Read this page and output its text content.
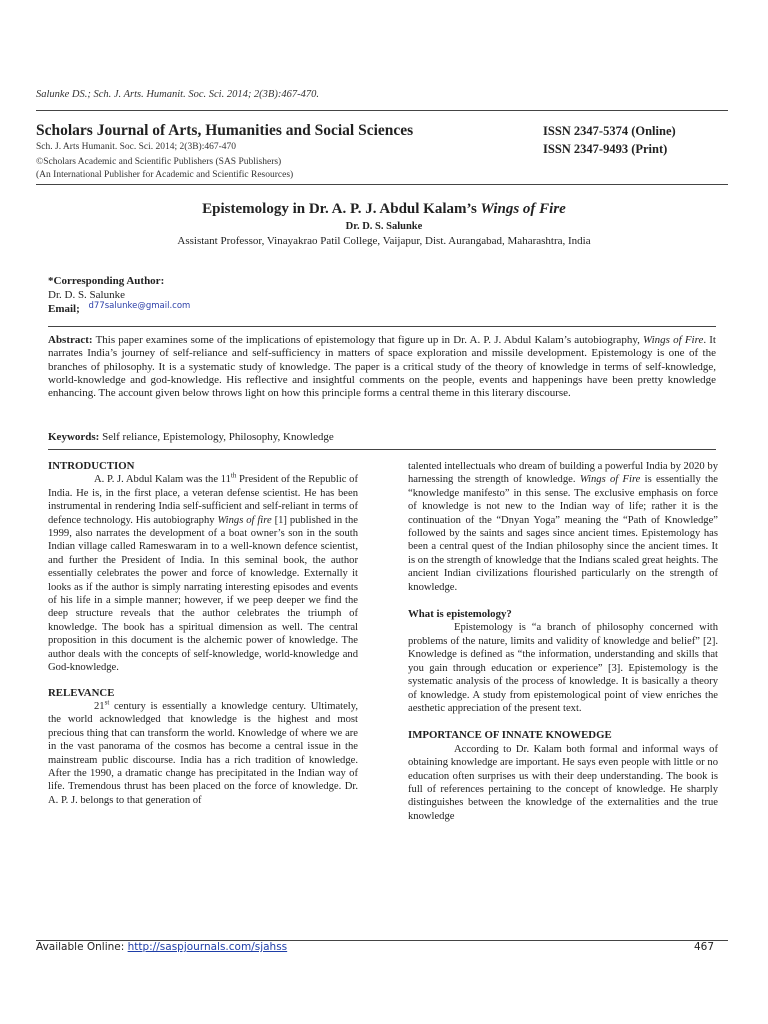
Salunke DS.; Sch. J. Arts. Humanit. Soc. Sci. 2014; 2(3B):467-470.
Scholars Journal of Arts, Humanities and Social Sciences
Sch. J. Arts Humanit. Soc. Sci. 2014; 2(3B):467-470
©Scholars Academic and Scientific Publishers (SAS Publishers)
(An International Publisher for Academic and Scientific Resources)
ISSN 2347-5374 (Online)
ISSN 2347-9493 (Print)
Epistemology in Dr. A. P. J. Abdul Kalam’s Wings of Fire
Dr. D. S. Salunke
Assistant Professor, Vinayakrao Patil College, Vaijapur, Dist. Aurangabad, Maharashtra, India
*Corresponding Author:
Dr. D. S. Salunke
Email; $^{d77salunke@gmail.com}$
Abstract: This paper examines some of the implications of epistemology that figure up in Dr. A. P. J. Abdul Kalam’s autobiography, Wings of Fire. It narrates India’s journey of self-reliance and self-sufficiency in matters of space exploration and missile development. Epistemology is one of the branches of philosophy. It is a systematic study of knowledge. The paper is a critical study of the theory of knowledge in terms of self-knowledge, world-knowledge and god-knowledge. His reflective and insightful comments on the people, events and happenings have been pretty knowledge enhancing. The account given below throws light on how this principle forms a central theme in this literary discourse.
Keywords: Self reliance, Epistemology, Philosophy, Knowledge
INTRODUCTION

A. P. J. Abdul Kalam was the 11th President of the Republic of India. He is, in the first place, a veteran defense scientist. He has been instrumental in rendering India self-sufficient and self-reliant in terms of defence technology. His autobiography Wings of fire [1] published in the 1999, also narrates the development of a boat owner’s son in the south Indian village called Rameswaram in to a well-known defence scientist, and further the President of India. In this seminal book, the author essentially celebrates the power and force of knowledge. Externally it looks as if the author is simply narrating interesting episodes and events of his life in a simple manner; however, if we peep deeper we find the deep structure reveals that the author celebrates the triumph of knowledge. The book has a spiritual dimension as well. The central proposition in this document is the alchemic power of knowledge. The author deals with the concepts of self-knowledge, world-knowledge and God-knowledge.

RELEVANCE

21st century is essentially a knowledge century. Ultimately, the world acknowledged that knowledge is the highest and most precious thing that can transform the world. Knowledge of where we are in the vast panorama of the cosmos has become a central issue in the mainstream public discourse. India has a rich tradition of knowledge. After the 1990, a dramatic change has precipitated in the Indian way of life. Tremendous thrust has been placed on the force of knowledge. Dr. A. P. J. belongs to that generation of

talented intellectuals who dream of building a powerful India by 2020 by harnessing the strength of knowledge. Wings of Fire is essentially the “knowledge manifesto” in this sense. The exclusive emphasis on force of knowledge is not new to the Indian way of life; rather it is the continuation of the “Dnyan Yoga” meaning the “Path of Knowledge” followed by the saints and sages since ancient times. Epistemology has been a central quest of the Indian philosophy since the ancient times. It is on the strength of knowledge that the Indians scaled great heights. The ancient Indian civilizations flourished particularly on the strength of knowledge.

What is epistemology?

Epistemology is “a branch of philosophy concerned with problems of the nature, limits and validity of knowledge and belief” [2]. Knowledge is defined as “the information, understanding and skills that you gain through education or experience” [3]. Epistemology is the systematic analysis of the process of knowledge. It is basically a theory of knowledge. A study from epistemological point of view enriches the aesthetic appreciation of the present text.

IMPORTANCE OF INNATE KNOWEDGE

According to Dr. Kalam both formal and informal ways of obtaining knowledge are important. He says even people with little or no education often surprises us with their deep understanding. The book is full of references pertaining to the concept of knowledge. He sharply distinguishes between the knowledge of the externalities and the true knowledge

Available Online: http://saspjournals.com/sjahss	467
